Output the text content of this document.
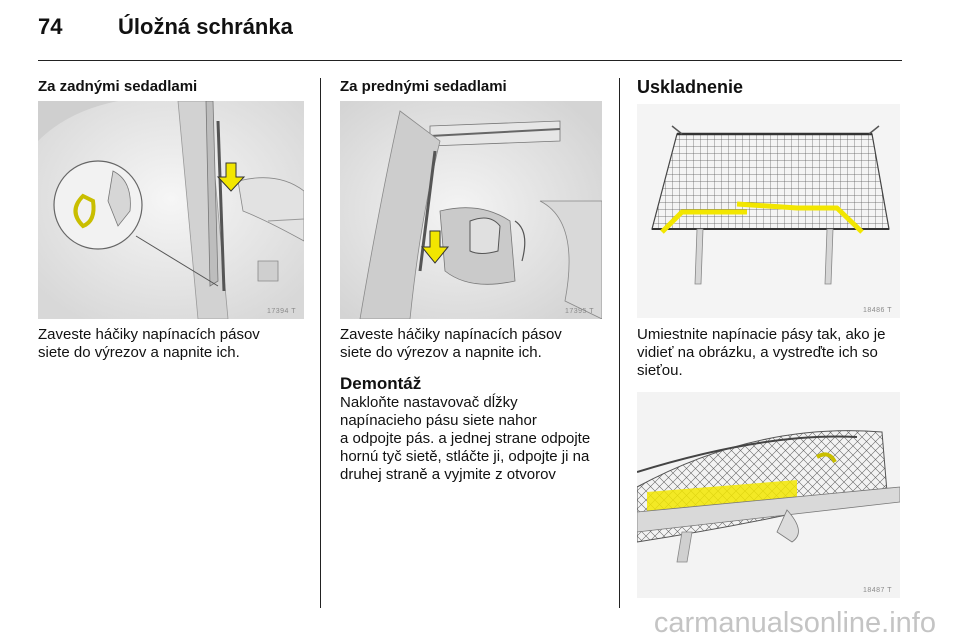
74	Úložná schránka
Za zadnými sedadlami
17394 T
Zaveste háčiky napínacích pásov
siete do výrezov a napnite ich.
Za prednými sedadlami
17395 T
Zaveste háčiky napínacích pásov
siete do výrezov a napnite ich.
Demontáž
Nakloňte nastavovač dĺžky
napínacieho pásu siete nahor
a odpojte pás. a jednej strane odpojte
hornú tyč sietě, stláčte ji, odpojte ji na
druhej straně a vyjmite z otvorov
Uskladnenie
18486 T
Umiestnite napínacie pásy tak, ako je
vidieť na obrázku, a vystreďte ich so
sieťou.
18487 T
carmanualsonline.info
